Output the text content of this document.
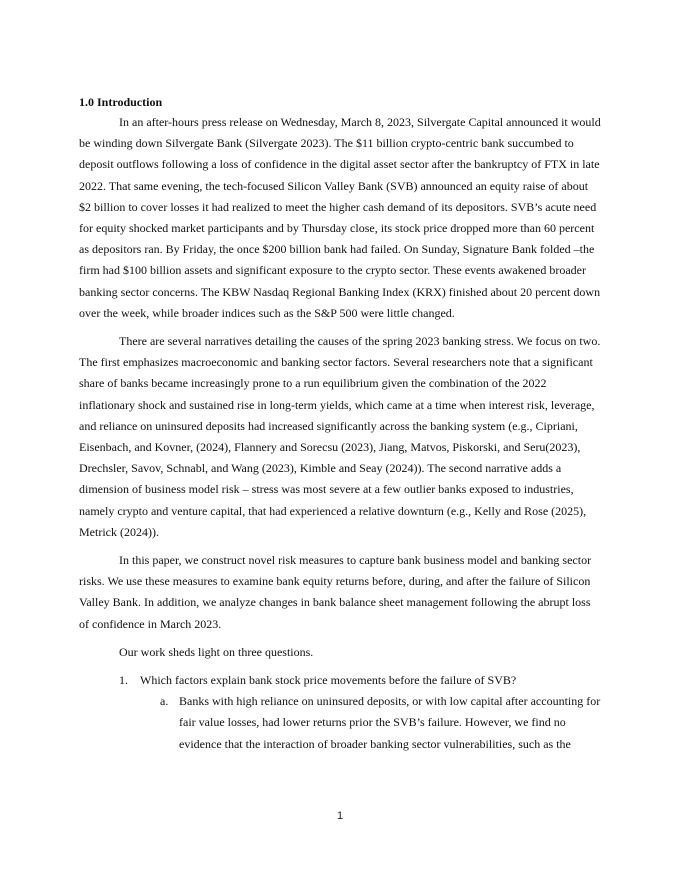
1.0 Introduction

In an after-hours press release on Wednesday, March 8, 2023, Silvergate Capital announced it would be winding down Silvergate Bank (Silvergate 2023). The $11 billion crypto-centric bank succumbed to deposit outflows following a loss of confidence in the digital asset sector after the bankruptcy of FTX in late 2022. That same evening, the tech-focused Silicon Valley Bank (SVB) announced an equity raise of about $2 billion to cover losses it had realized to meet the higher cash demand of its depositors. SVB’s acute need for equity shocked market participants and by Thursday close, its stock price dropped more than 60 percent as depositors ran. By Friday, the once $200 billion bank had failed. On Sunday, Signature Bank folded –the firm had $100 billion assets and significant exposure to the crypto sector. These events awakened broader banking sector concerns. The KBW Nasdaq Regional Banking Index (KRX) finished about 20 percent down over the week, while broader indices such as the S&P 500 were little changed.

There are several narratives detailing the causes of the spring 2023 banking stress. We focus on two. The first emphasizes macroeconomic and banking sector factors. Several researchers note that a significant share of banks became increasingly prone to a run equilibrium given the combination of the 2022 inflationary shock and sustained rise in long-term yields, which came at a time when interest risk, leverage, and reliance on uninsured deposits had increased significantly across the banking system (e.g., Cipriani, Eisenbach, and Kovner, (2024), Flannery and Sorecsu (2023), Jiang, Matvos, Piskorski, and Seru(2023), Drechsler, Savov, Schnabl, and Wang (2023), Kimble and Seay (2024)). The second narrative adds a dimension of business model risk – stress was most severe at a few outlier banks exposed to industries, namely crypto and venture capital, that had experienced a relative downturn (e.g., Kelly and Rose (2025), Metrick (2024)).

In this paper, we construct novel risk measures to capture bank business model and banking sector risks. We use these measures to examine bank equity returns before, during, and after the failure of Silicon Valley Bank. In addition, we analyze changes in bank balance sheet management following the abrupt loss of confidence in March 2023.

Our work sheds light on three questions.

1. Which factors explain bank stock price movements before the failure of SVB?
a. Banks with high reliance on uninsured deposits, or with low capital after accounting for fair value losses, had lower returns prior the SVB’s failure. However, we find no evidence that the interaction of broader banking sector vulnerabilities, such as the
1
